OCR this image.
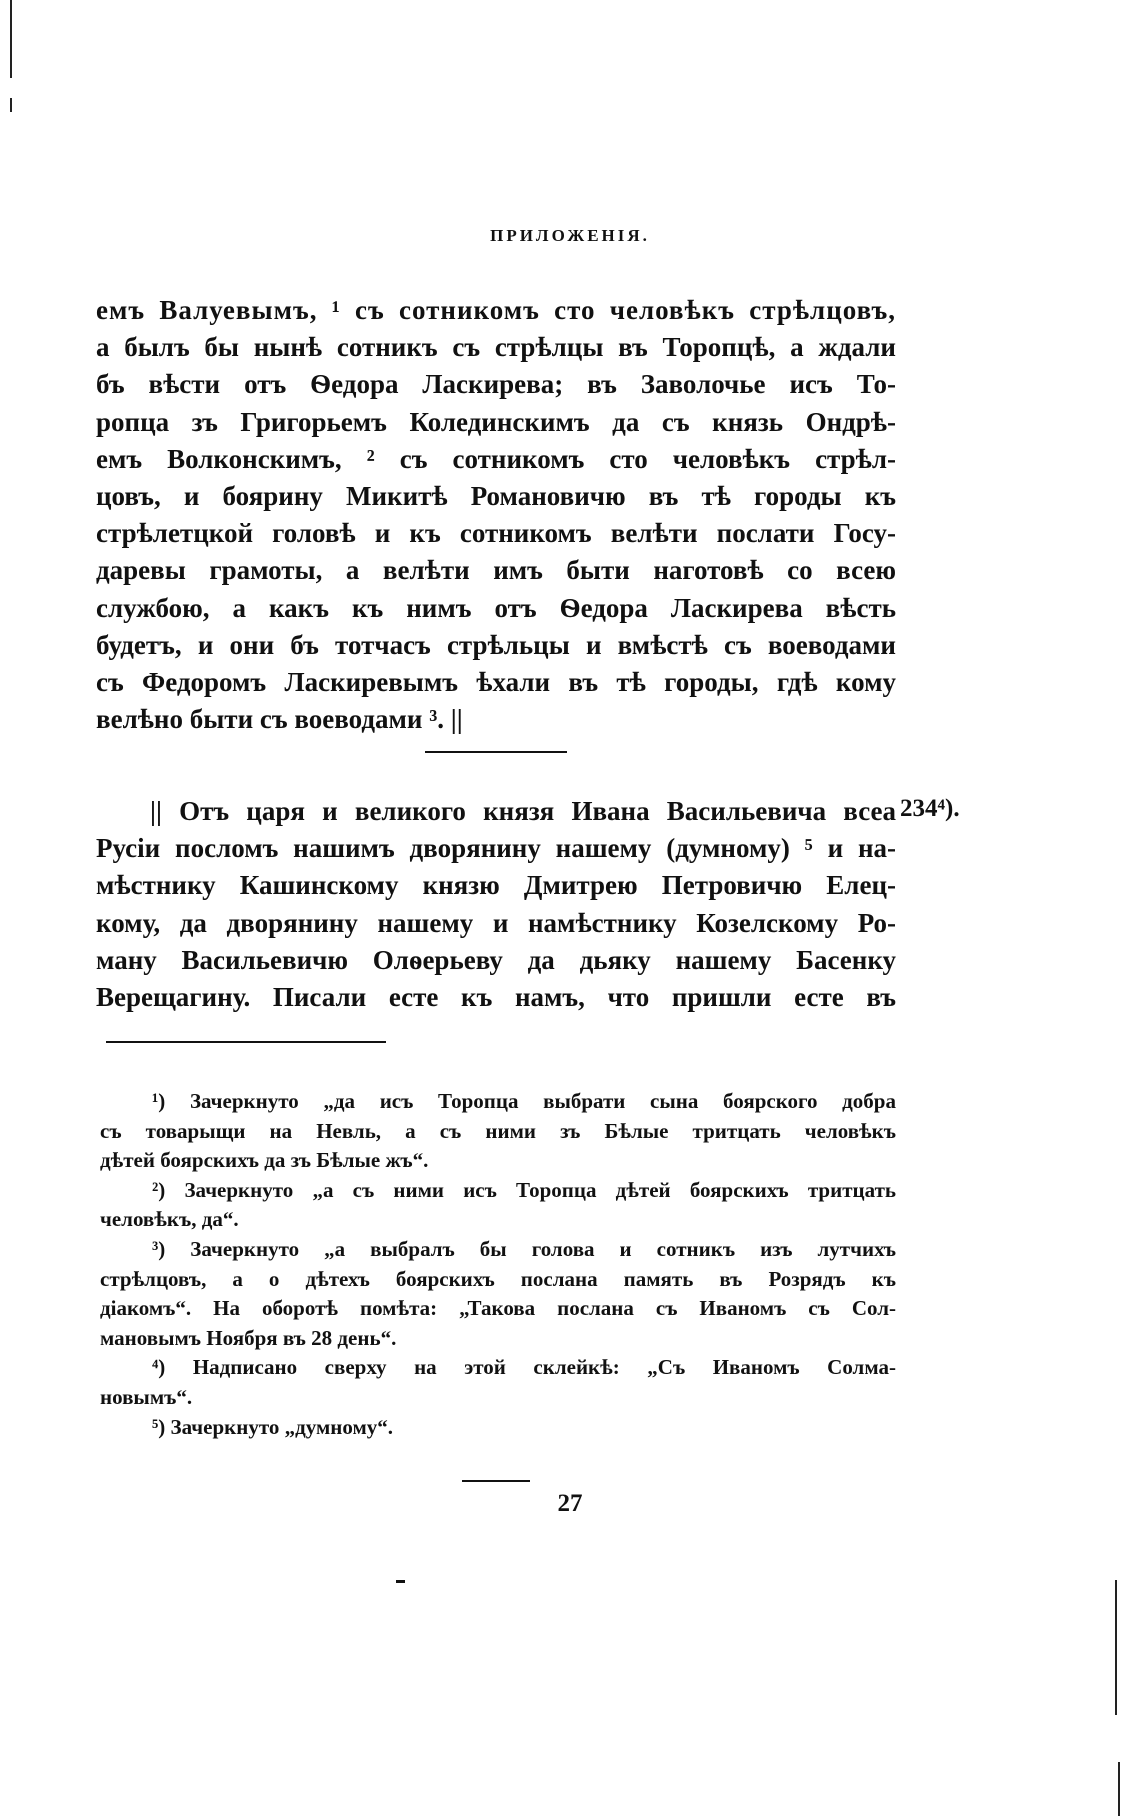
ПРИЛОЖЕНІЯ.
емъ Валуевымъ, ¹ съ сотникомъ сто человѣкъ стрѣлцовъ,
а былъ бы нынѣ сотникъ съ стрѣлцы въ Торопцѣ, а ждали
бъ вѣсти отъ Ѳедора Ласкирева; въ Заволочье исъ То-
ропца зъ Григорьемъ Колединскимъ да съ князь Ондрѣ-
емъ Волконскимъ, ² съ сотникомъ сто человѣкъ стрѣл-
цовъ, и боярину Микитѣ Романовичю въ тѣ городы къ
стрѣлетцкой головѣ и къ сотникомъ велѣти послати Госу-
даревы грамоты, а велѣти имъ быти наготовѣ со всею
службою, а какъ къ нимъ отъ Ѳедора Ласкирева вѣсть
будетъ, и они бъ тотчасъ стрѣльцы и вмѣстѣ съ воеводами
съ Федоромъ Ласкиревымъ ѣхали въ тѣ городы, гдѣ кому
велѣно быти съ воеводами ³. ||
|| Отъ царя и великого князя Ивана Васильевича всеа
Русіи посломъ нашимъ дворянину нашему (думному) ⁵ и на-
мѣстнику Кашинскому князю Дмитрею Петровичю Елец-
кому, да дворянину нашему и намѣстнику Козелскому Ро-
ману Васильевичю Олѳерьеву да дьяку нашему Басенку
Верещагину. Писали есте къ намъ, что пришли есте въ
234⁴).
¹) Зачеркнуто „да исъ Торопца выбрати сына боярского добра
съ товарыщи на Невль, а съ ними зъ Бѣлые тритцать человѣкъ
дѣтей боярскихъ да зъ Бѣлые жъ“.
²) Зачеркнуто „а съ ними исъ Торопца дѣтей боярскихъ тритцать
человѣкъ, да“.
³) Зачеркнуто „а выбралъ бы голова и сотникъ изъ лутчихъ
стрѣлцовъ, а о дѣтехъ боярскихъ послана память въ Розрядъ къ
діакомъ“. На оборотѣ помѣта: „Такова послана съ Иваномъ съ Сол-
мановымъ Ноября въ 28 день“.
⁴) Надписано сверху на этой склейкѣ: „Съ Иваномъ Солма-
новымъ“.
⁵) Зачеркнуто „думному“.
27
